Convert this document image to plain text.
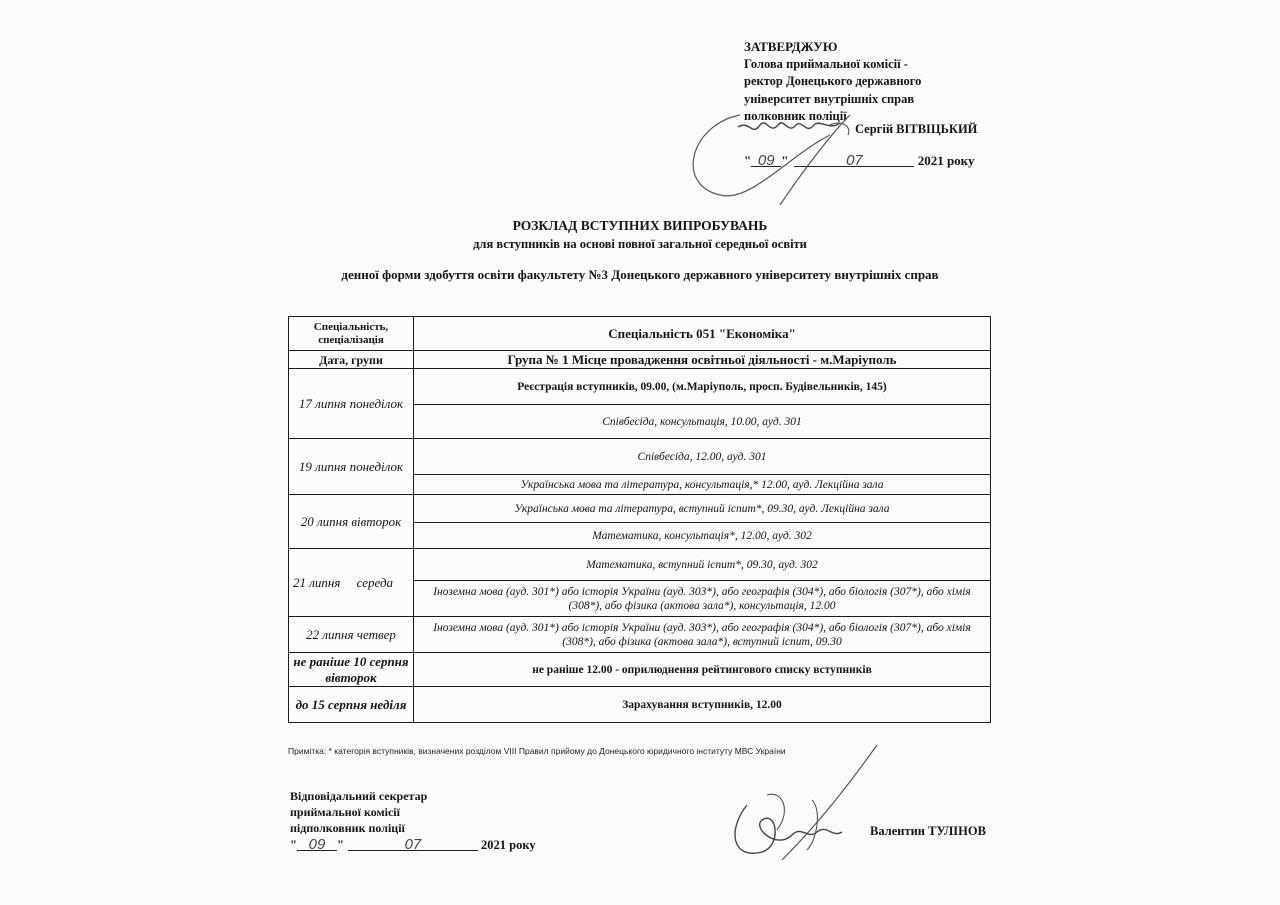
ЗАТВЕРДЖУЮ
Голова приймальної комісії -
ректор Донецького державного
університет внутрішніх справ
полковник поліції
Сергій ВІТВІЦЬКИЙ
" 09 "	07	2021 року
РОЗКЛАД ВСТУПНИХ ВИПРОБУВАНЬ
для вступників на основі повної загальної середньої освіти
денної форми здобуття освіти факультету №3 Донецького державного університету внутрішніх справ
Спеціальність, спеціалізація	Спеціальність 051 "Економіка"
Дата, групи	Група № 1 Місце провадження освітньої діяльності - м.Маріуполь
17 липня понеділок	Реєстрація вступників, 09.00, (м.Маріуполь, просп. Будівельників, 145)
	Співбесіда, консультація, 10.00, ауд. 301
19 липня понеділок	Співбесіда, 12.00, ауд. 301
	Українська мова та література, консультація,* 12.00, ауд. Лекційна зала
20 липня вівторок	Українська мова та література, вступний іспит*, 09.30, ауд. Лекційна зала
	Математика, консультація*, 12.00, ауд. 302
21 липня     середа	Математика, вступний іспит*, 09.30, ауд. 302
	Іноземна мова (ауд. 301*) або історія України (ауд. 303*), або географія (304*), або біологія (307*), або хімія (308*), або фізика (актова зала*), консультація, 12.00
22 липня четвер	Іноземна мова (ауд. 301*) або історія України (ауд. 303*), або географія (304*), або біологія (307*), або хімія (308*), або фізика (актова зала*), вступний іспит, 09.30
не раніше 10 серпня вівторок	не раніше 12.00 - оприлюднення рейтингового списку вступників
до 15 серпня неділя	Зарахування вступників, 12.00
Примітка: * категорія вступників, визначених розділом VIII Правил прийому до Донецького юридичного інституту МВС України
Відповідальний секретар
приймальної комісії
підполковник поліції
" 09 "	07	2021 року
Валентин ТУЛІНОВ
